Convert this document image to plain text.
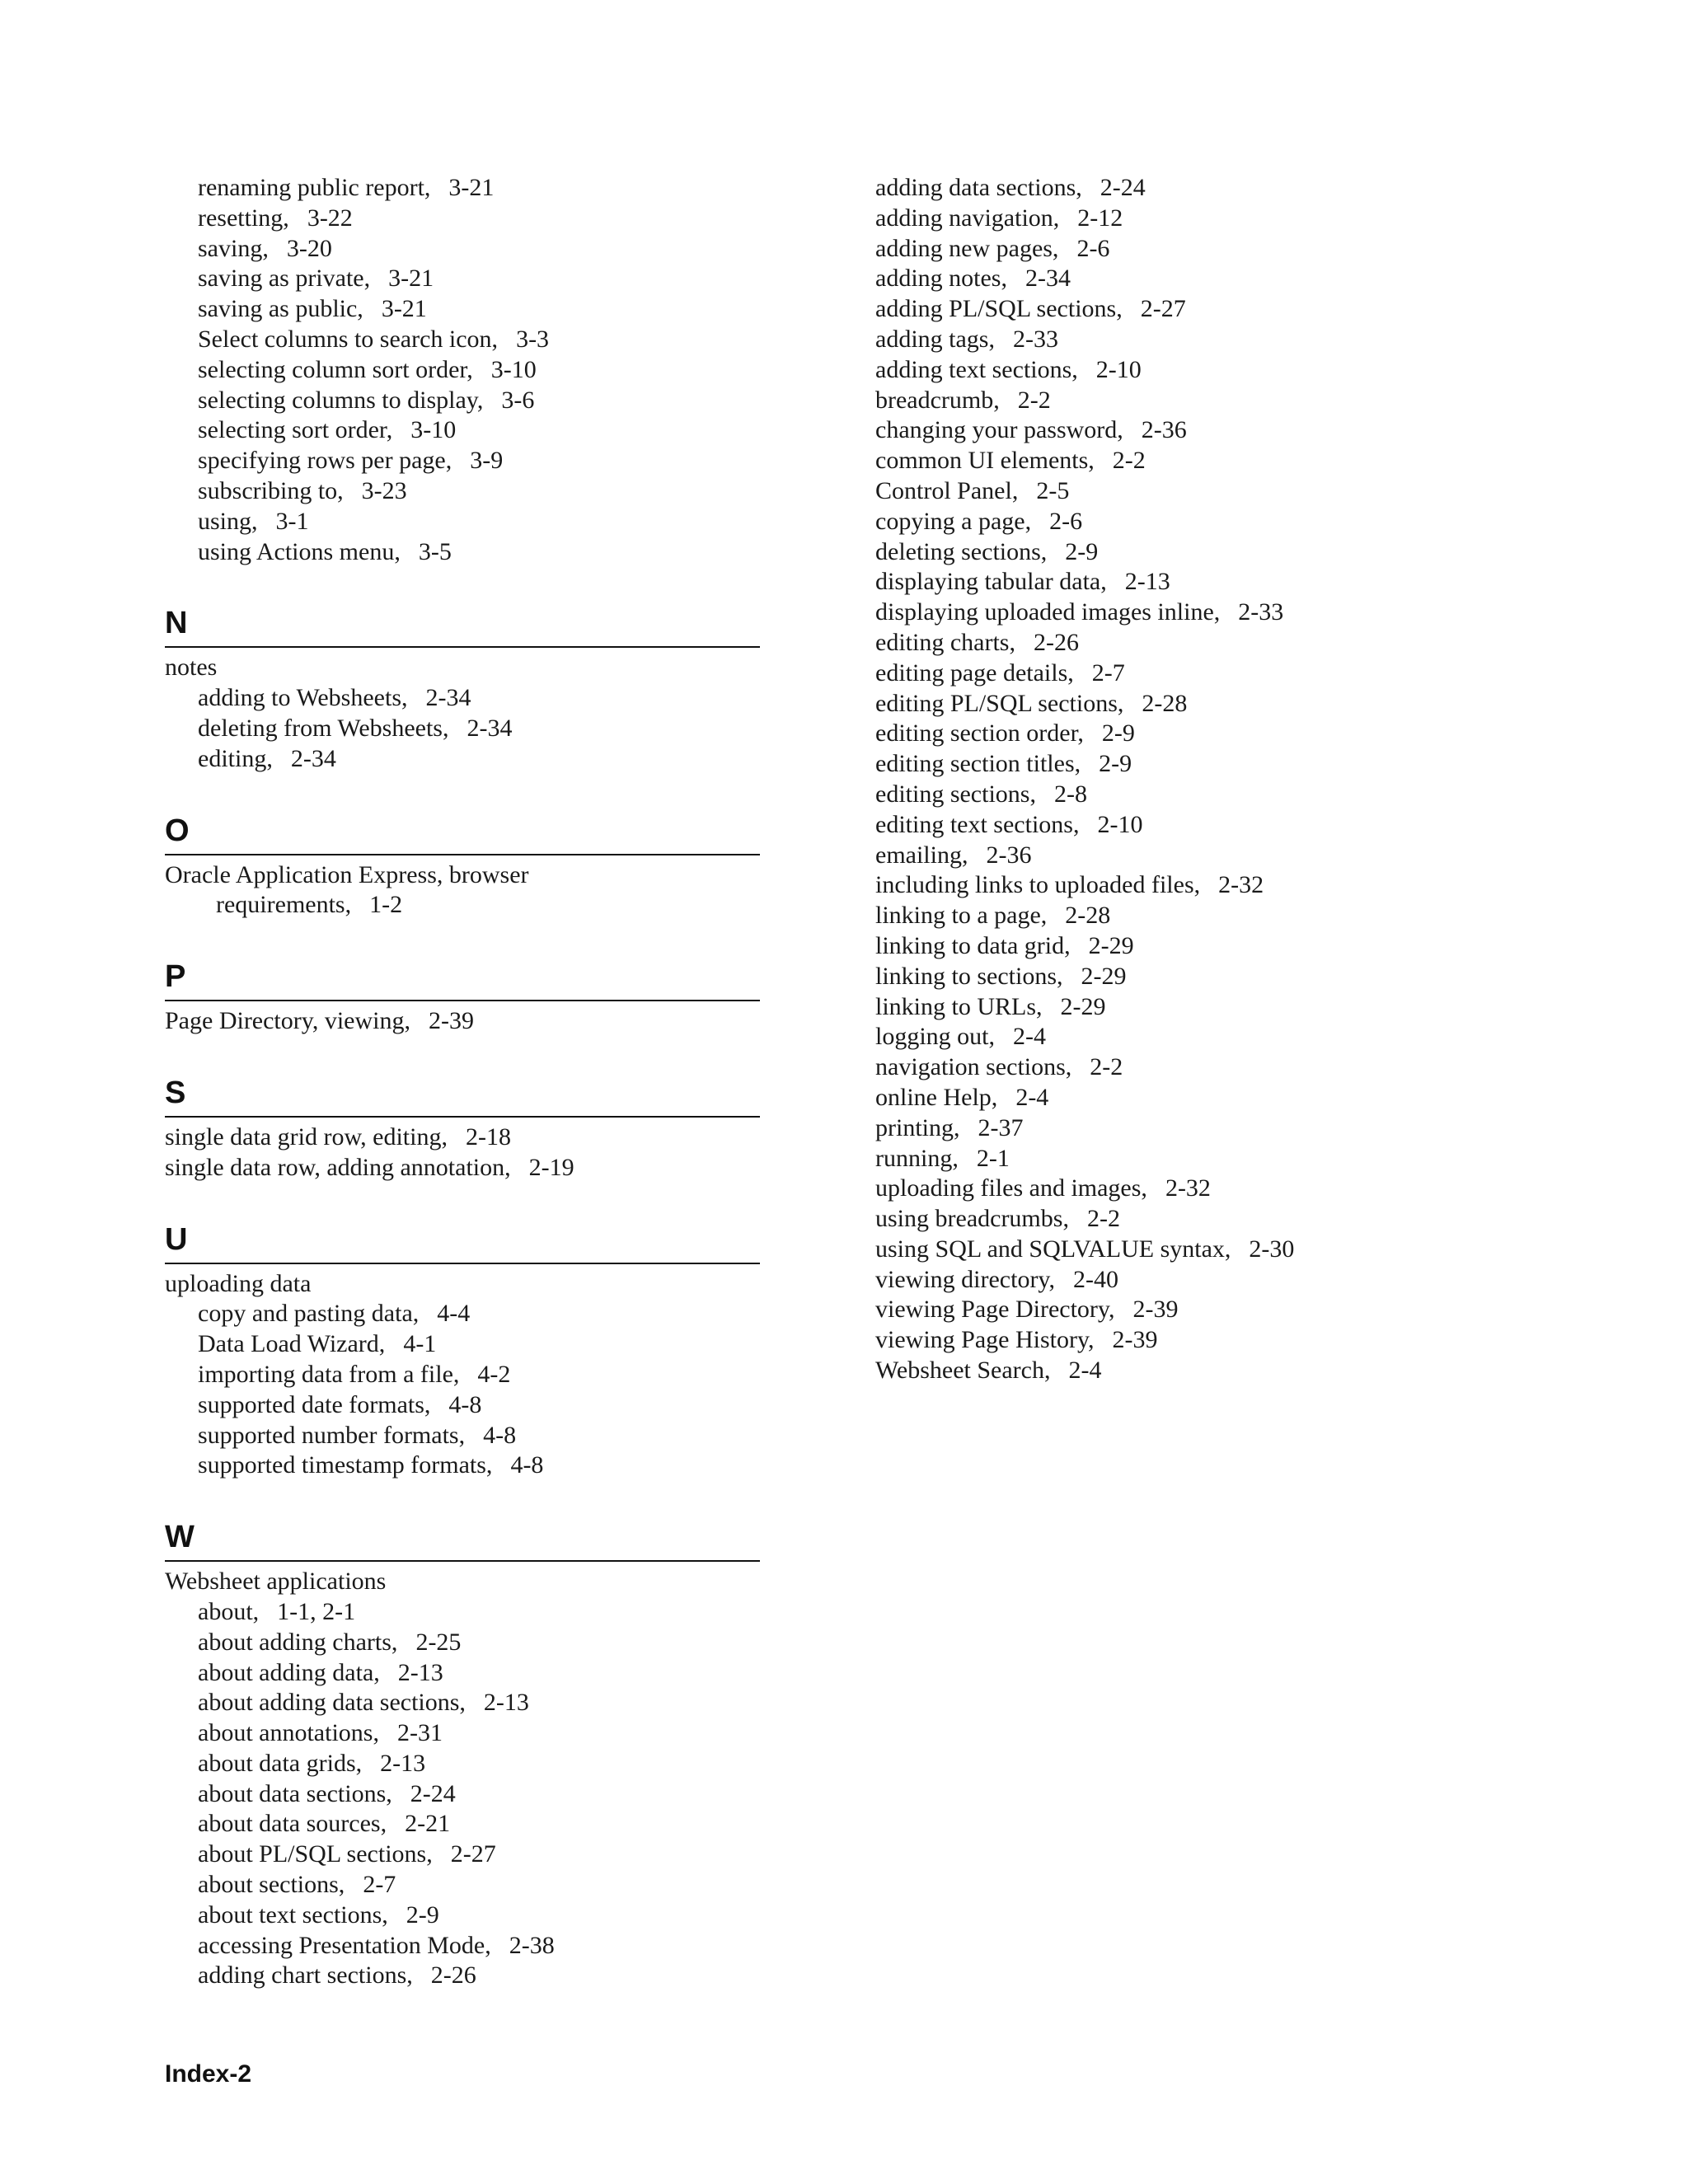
renaming public report, 3-21
resetting, 3-22
saving, 3-20
saving as private, 3-21
saving as public, 3-21
Select columns to search icon, 3-3
selecting column sort order, 3-10
selecting columns to display, 3-6
selecting sort order, 3-10
specifying rows per page, 3-9
subscribing to, 3-23
using, 3-1
using Actions menu, 3-5
N
notes
adding to Websheets, 2-34
deleting from Websheets, 2-34
editing, 2-34
O
Oracle Application Express, browser
requirements, 1-2
P
Page Directory, viewing, 2-39
S
single data grid row, editing, 2-18
single data row, adding annotation, 2-19
U
uploading data
copy and pasting data, 4-4
Data Load Wizard, 4-1
importing data from a file, 4-2
supported date formats, 4-8
supported number formats, 4-8
supported timestamp formats, 4-8
W
Websheet applications
about, 1-1, 2-1
about adding charts, 2-25
about adding data, 2-13
about adding data sections, 2-13
about annotations, 2-31
about data grids, 2-13
about data sections, 2-24
about data sources, 2-21
about PL/SQL sections, 2-27
about sections, 2-7
about text sections, 2-9
accessing Presentation Mode, 2-38
adding chart sections, 2-26
adding data sections, 2-24
adding navigation, 2-12
adding new pages, 2-6
adding notes, 2-34
adding PL/SQL sections, 2-27
adding tags, 2-33
adding text sections, 2-10
breadcrumb, 2-2
changing your password, 2-36
common UI elements, 2-2
Control Panel, 2-5
copying a page, 2-6
deleting sections, 2-9
displaying tabular data, 2-13
displaying uploaded images inline, 2-33
editing charts, 2-26
editing page details, 2-7
editing PL/SQL sections, 2-28
editing section order, 2-9
editing section titles, 2-9
editing sections, 2-8
editing text sections, 2-10
emailing, 2-36
including links to uploaded files, 2-32
linking to a page, 2-28
linking to data grid, 2-29
linking to sections, 2-29
linking to URLs, 2-29
logging out, 2-4
navigation sections, 2-2
online Help, 2-4
printing, 2-37
running, 2-1
uploading files and images, 2-32
using breadcrumbs, 2-2
using SQL and SQLVALUE syntax, 2-30
viewing directory, 2-40
viewing Page Directory, 2-39
viewing Page History, 2-39
Websheet Search, 2-4
Index-2
